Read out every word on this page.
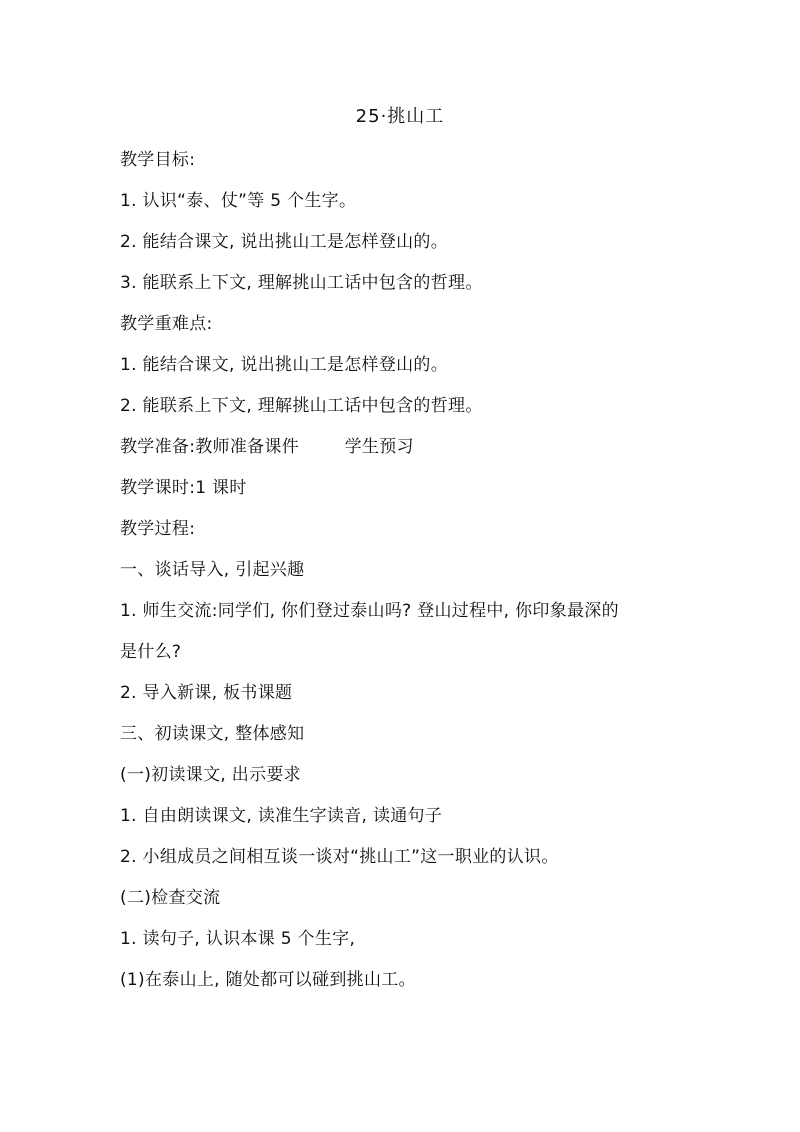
25·挑山工
教学目标:
1. 认识“泰、仗”等 5 个生字。
2. 能结合课文, 说出挑山工是怎样登山的。
3. 能联系上下文, 理解挑山工话中包含的哲理。
教学重难点:
1. 能结合课文, 说出挑山工是怎样登山的。
2. 能联系上下文, 理解挑山工话中包含的哲理。
教学准备:教师准备课件        学生预习
教学课时:1 课时
教学过程:
一、谈话导入, 引起兴趣
1. 师生交流:同学们, 你们登过泰山吗? 登山过程中, 你印象最深的
是什么?
2. 导入新课, 板书课题
三、初读课文, 整体感知
(一)初读课文, 出示要求
1. 自由朗读课文, 读准生字读音, 读通句子
2. 小组成员之间相互谈一谈对“挑山工”这一职业的认识。
(二)检查交流
1. 读句子, 认识本课 5 个生字,
(1)在泰山上, 随处都可以碰到挑山工。
